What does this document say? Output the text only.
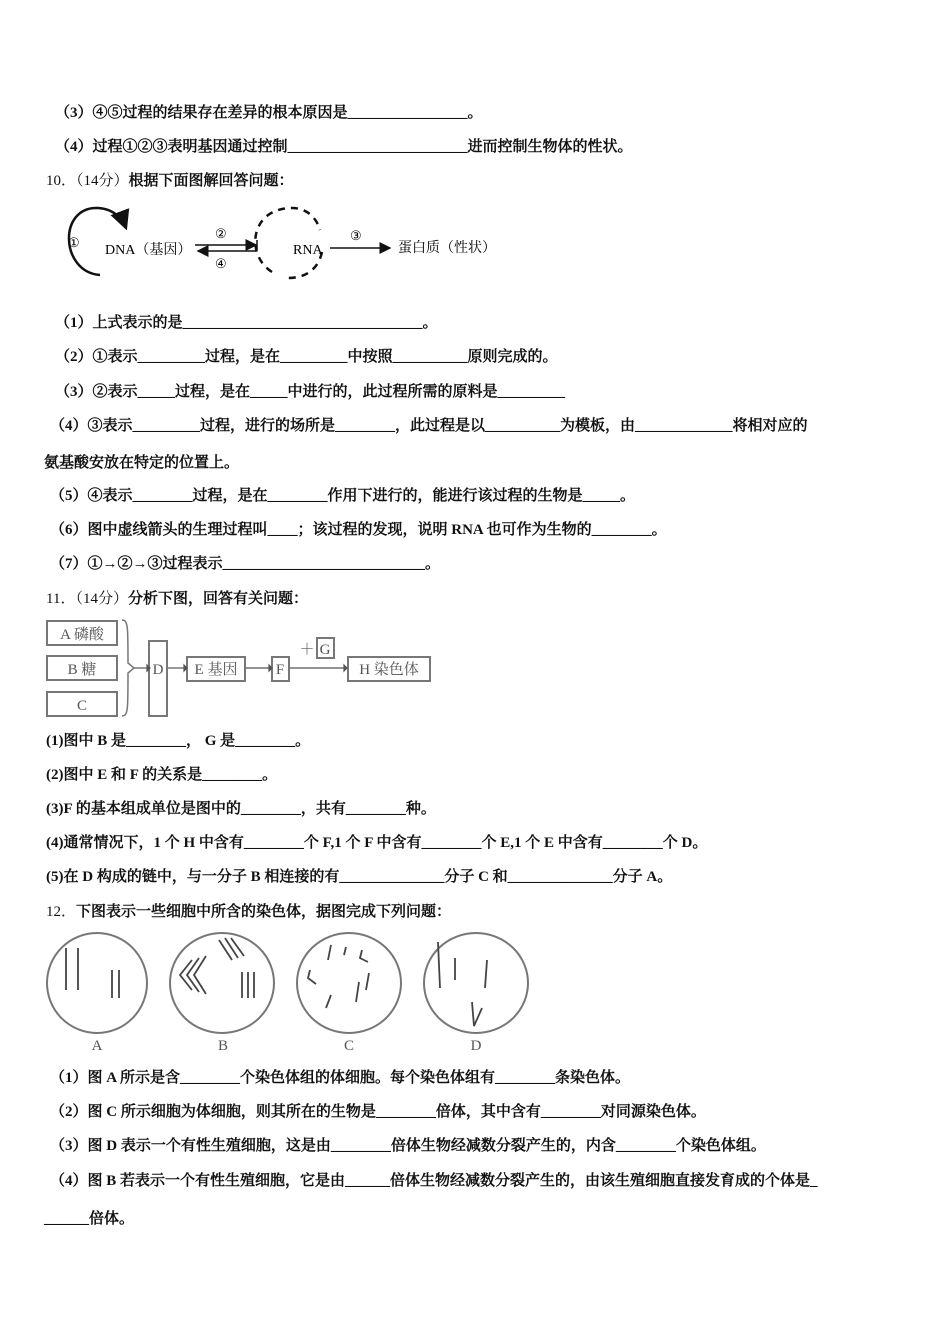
（3）④⑤过程的结果存在差异的根本原因是________________。
（4）过程①②③表明基因通过控制________________________进而控制生物体的性状。
10．（14分）根据下面图解回答问题：
①
DNA（基因）
②
④
RNA
③
蛋白质（性状）
（1）上式表示的是________________________________。
（2）①表示_________过程，是在_________中按照__________原则完成的。
（3）②表示_____过程，是在_____中进行的，此过程所需的原料是_________
（4）③表示_________过程，进行的场所是________，此过程是以__________为模板，由_____________将相对应的
氨基酸安放在特定的位置上。
（5）④表示________过程，是在________作用下进行的，能进行该过程的生物是_____。
（6）图中虚线箭头的生理过程叫____；该过程的发现，说明 RNA 也可作为生物的________。
（7）①→②→③过程表示___________________________。
11．（14分）分析下图，回答有关问题：
A 磷酸
B 糖
C
D E 基因	F
＋ G
H 染色体
(1)图中 B 是________， G 是________。
(2)图中 E 和 F 的关系是________。
(3)F 的基本组成单位是图中的________，共有________种。
(4)通常情况下，1 个 H 中含有________个 F,1 个 F 中含有________个 E,1 个 E 中含有________个 D。
(5)在 D 构成的链中，与一分子 B 相连接的有______________分子 C 和______________分子 A。
12．下图表示一些细胞中所含的染色体，据图完成下列问题：
A	B	C	D
（1）图 A 所示是含________个染色体组的体细胞。每个染色体组有________条染色体。
（2）图 C 所示细胞为体细胞，则其所在的生物是________倍体，其中含有________对同源染色体。
（3）图 D 表示一个有性生殖细胞，这是由________倍体生物经减数分裂产生的，内含________个染色体组。
（4）图 B 若表示一个有性生殖细胞，它是由______倍体生物经减数分裂产生的，由该生殖细胞直接发育成的个体是_
______倍体。
